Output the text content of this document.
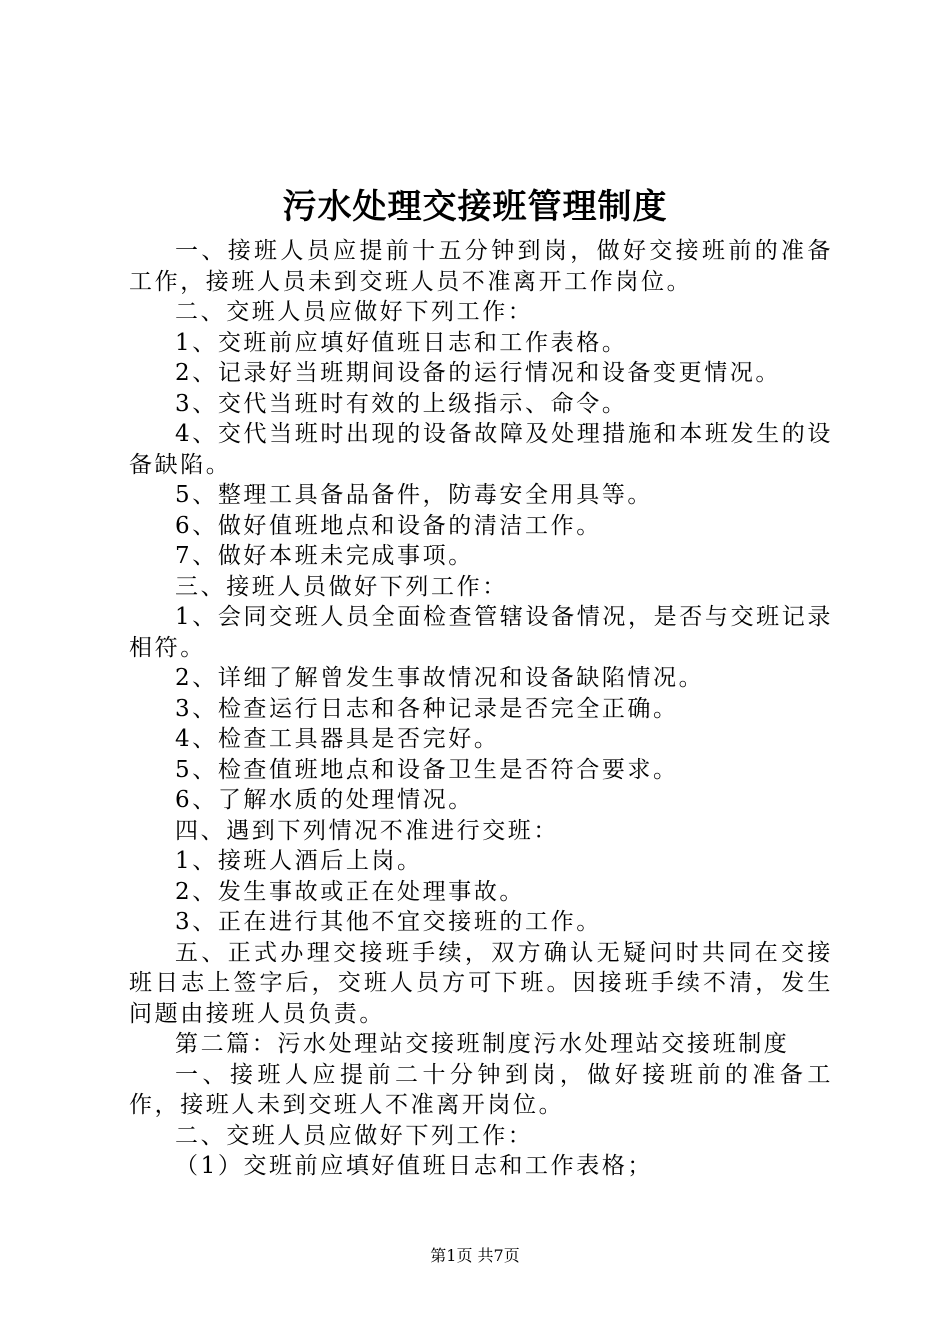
污水处理交接班管理制度

一、接班人员应提前十五分钟到岗，做好交接班前的准备工作，接班人员未到交班人员不准离开工作岗位。

二、交班人员应做好下列工作：

1、交班前应填好值班日志和工作表格。

2、记录好当班期间设备的运行情况和设备变更情况。

3、交代当班时有效的上级指示、命令。

4、交代当班时出现的设备故障及处理措施和本班发生的设备缺陷。

5、整理工具备品备件，防毒安全用具等。

6、做好值班地点和设备的清洁工作。

7、做好本班未完成事项。

三、接班人员做好下列工作：

1、会同交班人员全面检查管辖设备情况，是否与交班记录相符。

2、详细了解曾发生事故情况和设备缺陷情况。

3、检查运行日志和各种记录是否完全正确。

4、检查工具器具是否完好。

5、检查值班地点和设备卫生是否符合要求。

6、了解水质的处理情况。

四、遇到下列情况不准进行交班：

1、接班人酒后上岗。

2、发生事故或正在处理事故。

3、正在进行其他不宜交接班的工作。

五、正式办理交接班手续，双方确认无疑问时共同在交接班日志上签字后，交班人员方可下班。因接班手续不清，发生问题由接班人员负责。

第二篇：污水处理站交接班制度污水处理站交接班制度

一、接班人应提前二十分钟到岗，做好接班前的准备工作，接班人未到交班人不准离开岗位。

二、交班人员应做好下列工作：

（1）交班前应填好值班日志和工作表格；

第1页 共7页
